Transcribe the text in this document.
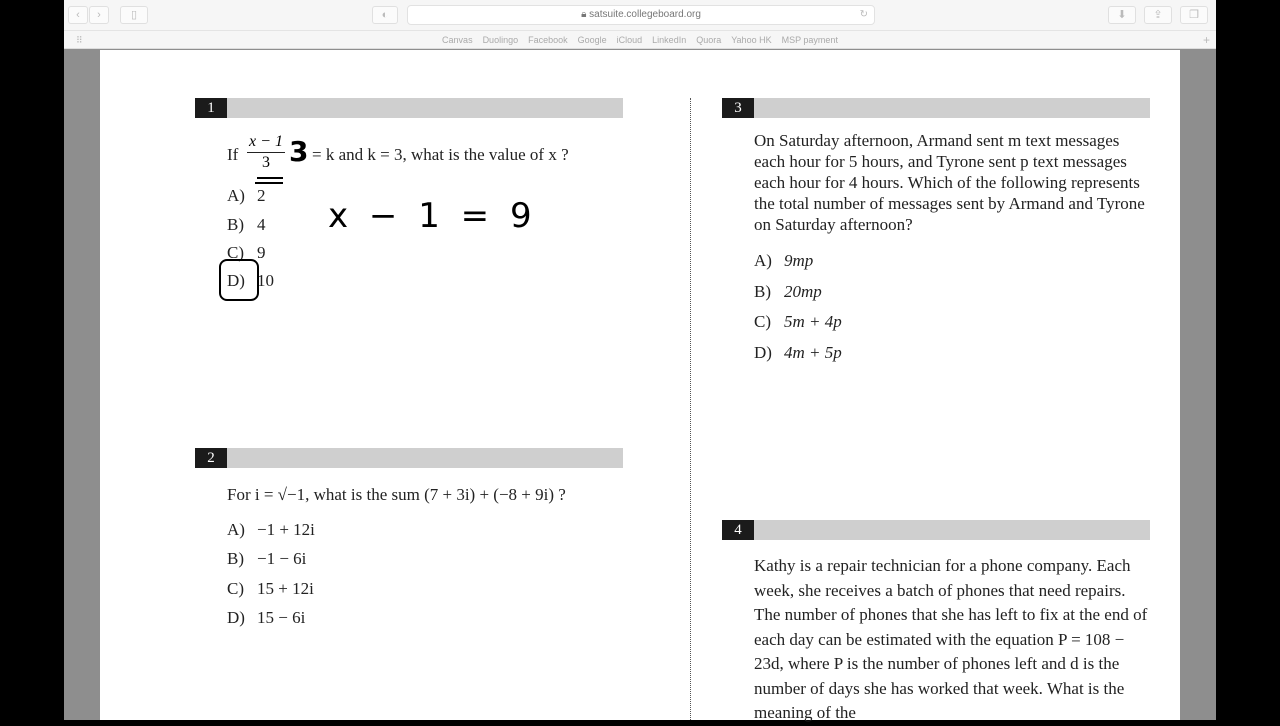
‹	›	▯	◐	🔒︎ satsuite.collegeboard.org	↻	⬇	⇪	❐
⠿	Canvas Duolingo Facebook Google iCloud LinkedIn Quora Yahoo HK MSP payment	+
1
If
x − 1
3 3 = k and k = 3, what is the value of x ?
A) 2
B) 4
C) 9
D) 10
x − 1 = 9
2
For i = √−1, what is the sum (7 + 3i) + (−8 + 9i) ?
A) −1 + 12i
B) −1 − 6i
C) 15 + 12i
D) 15 − 6i
3
On Saturday afternoon, Armand sent m text messages each hour for 5 hours, and Tyrone sent p text messages each hour for 4 hours. Which of the following represents the total number of messages sent by Armand and Tyrone on Saturday afternoon?
A) 9mp
B) 20mp
C) 5m + 4p
D) 4m + 5p
4
Kathy is a repair technician for a phone company. Each week, she receives a batch of phones that need repairs. The number of phones that she has left to fix at the end of each day can be estimated with the equation P = 108 − 23d, where P is the number of phones left and d is the number of days she has worked that week. What is the meaning of the
